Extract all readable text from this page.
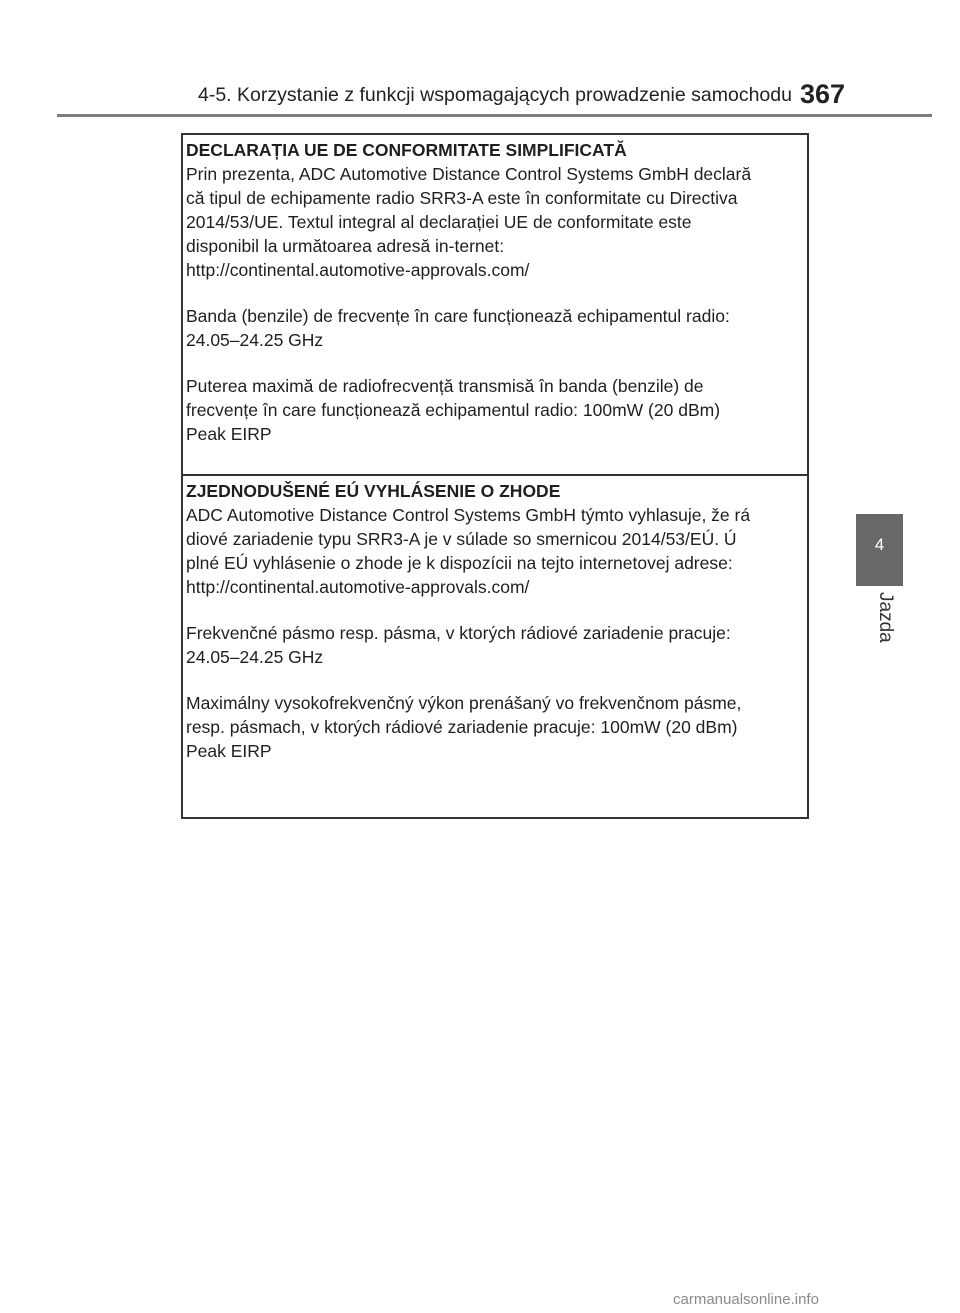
4-5. Korzystanie z funkcji wspomagających prowadzenie samochodu 367
4
Jazda
DECLARAȚIA UE DE CONFORMITATE SIMPLIFICATĂ
Prin prezenta, ADC Automotive Distance Control Systems GmbH declară
că tipul de echipamente radio SRR3-A este în conformitate cu Directiva
2014/53/UE. Textul integral al declarației UE de conformitate este
disponibil la următoarea adresă in-ternet:
http://continental.automotive-approvals.com/
Banda (benzile) de frecvențe în care funcționează echipamentul radio:
24.05–24.25 GHz
Puterea maximă de radiofrecvență transmisă în banda (benzile) de
frecvențe în care funcționează echipamentul radio: 100mW (20 dBm)
Peak EIRP
ZJEDNODUŠENÉ EÚ VYHLÁSENIE O ZHODE
ADC Automotive Distance Control Systems GmbH týmto vyhlasuje, že rá
diové zariadenie typu SRR3-A je v súlade so smernicou 2014/53/EÚ. Ú
plné EÚ vyhlásenie o zhode je k dispozícii na tejto internetovej adrese:
http://continental.automotive-approvals.com/
Frekvenčné pásmo resp. pásma, v ktorých rádiové zariadenie pracuje:
24.05–24.25 GHz
Maximálny vysokofrekvenčný výkon prenášaný vo frekvenčnom pásme,
resp. pásmach, v ktorých rádiové zariadenie pracuje: 100mW (20 dBm)
Peak EIRP
carmanualsonline.info
